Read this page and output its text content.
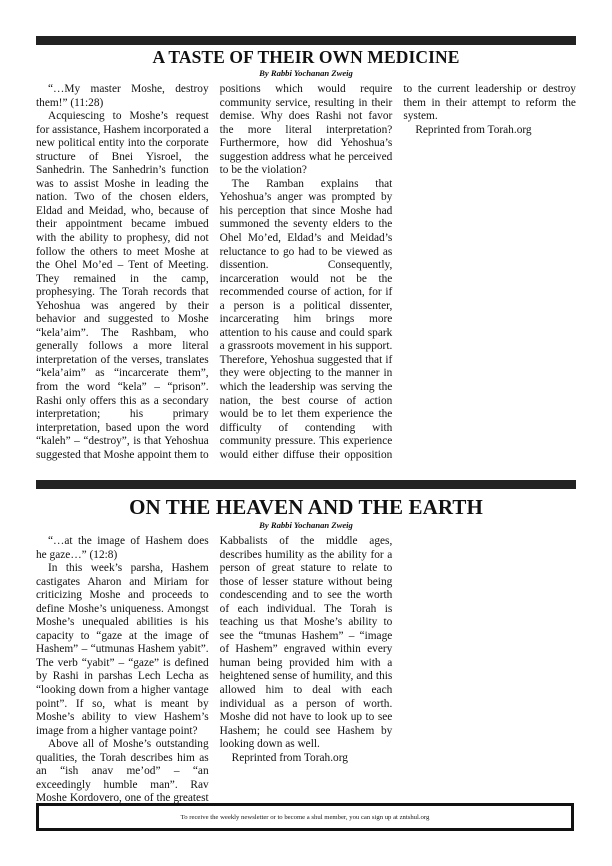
A TASTE OF THEIR OWN MEDICINE
By Rabbi Yochanan Zweig

“…My master Moshe, destroy them!” (11:28)

Acquiescing to Moshe’s request for assistance, Hashem incorporated a new political entity into the corporate structure of Bnei Yisroel, the Sanhedrin. The Sanhedrin’s function was to assist Moshe in leading the nation. Two of the chosen elders, Eldad and Meidad, who, because of their appointment became imbued with the ability to prophesy, did not follow the others to meet Moshe at the Ohel Mo’ed – Tent of Meeting. They remained in the camp, prophesying. The Torah records that Yehoshua was angered by their behavior and suggested to Moshe “kela’aim”. The Rashbam, who generally follows a more literal interpretation of the verses, translates “kela’aim” as “incarcerate them”, from the word “kela” – “prison”. Rashi only offers this as a secondary interpretation; his primary interpretation, based upon the word “kaleh” – “destroy”, is that Yehoshua suggested that Moshe appoint them to positions which would require community service, resulting in their demise. Why does Rashi not favor the more literal interpretation? Furthermore, how did Yehoshua’s suggestion address what he perceived to be the violation?

The Ramban explains that Yehoshua’s anger was prompted by his perception that since Moshe had summoned the seventy elders to the Ohel Mo’ed, Eldad’s and Meidad’s reluctance to go had to be viewed as dissention. Consequently, incarceration would not be the recommended course of action, for if a person is a political dissenter, incarcerating him brings more attention to his cause and could spark a grassroots movement in his support. Therefore, Yehoshua suggested that if they were objecting to the manner in which the leadership was serving the nation, the best course of action would be to let them experience the difficulty of contending with community pressure. This experience would either diffuse their opposition to the current leadership or destroy them in their attempt to reform the system.

Reprinted from Torah.org

ON THE HEAVEN AND THE EARTH
By Rabbi Yochanan Zweig

“…at the image of Hashem does he gaze…” (12:8)

In this week’s parsha, Hashem castigates Aharon and Miriam for criticizing Moshe and proceeds to define Moshe’s uniqueness. Amongst Moshe’s unequaled abilities is his capacity to “gaze at the image of Hashem” – “utmunas Hashem yabit”. The verb “yabit” – “gaze” is defined by Rashi in parshas Lech Lecha as “looking down from a higher vantage point”. If so, what is meant by Moshe’s ability to view Hashem’s image from a higher vantage point?

Above all of Moshe’s outstanding qualities, the Torah describes him as an “ish anav me’od” – “an exceedingly humble man”. Rav Moshe Kordovero, one of the greatest Kabbalists of the middle ages, describes humility as the ability for a person of great stature to relate to those of lesser stature without being condescending and to see the worth of each individual. The Torah is teaching us that Moshe’s ability to see the “tmunas Hashem” – “image of Hashem” engraved within every human being provided him with a heightened sense of humility, and this allowed him to deal with each individual as a person of worth. Moshe did not have to look up to see Hashem; he could see Hashem by looking down as well.

Reprinted from Torah.org

To receive the weekly newsletter or to become a shul member, you can sign up at zntshul.org
